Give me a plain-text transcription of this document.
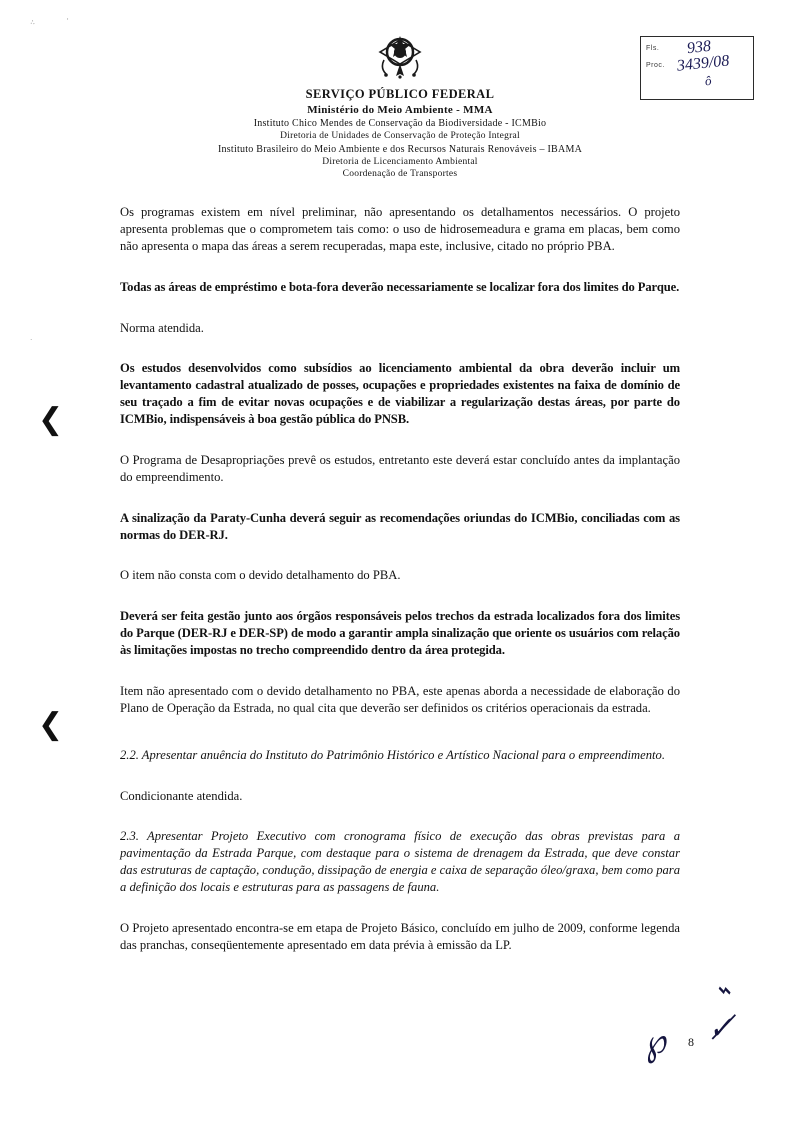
⁖	·
·
SERVIÇO PÚBLICO FEDERAL
Ministério do Meio Ambiente - MMA
Instituto Chico Mendes de Conservação da Biodiversidade - ICMBio
Diretoria de Unidades de Conservação de Proteção Integral
Instituto Brasileiro do Meio Ambiente e dos Recursos Naturais Renováveis – IBAMA
Diretoria de Licenciamento Ambiental
Coordenação de Transportes
Fls.
Proc.
938
3439/08
ô
❮
❮

Os programas existem em nível preliminar, não apresentando os detalhamentos necessários. O projeto apresenta problemas que o comprometem tais como: o uso de hidrosemeadura e grama em placas, bem como não apresenta o mapa das áreas a serem recuperadas, mapa este, inclusive, citado no próprio PBA.

Todas as áreas de empréstimo e bota-fora deverão necessariamente se localizar fora dos limites do Parque.

Norma atendida.

Os estudos desenvolvidos como subsídios ao licenciamento ambiental da obra deverão incluir um levantamento cadastral atualizado de posses, ocupações e propriedades existentes na faixa de domínio de seu traçado a fim de evitar novas ocupações e de viabilizar a regularização destas áreas, por parte do ICMBio, indispensáveis à boa gestão pública do PNSB.

O Programa de Desapropriações prevê os estudos, entretanto este deverá estar concluído antes da implantação do empreendimento.

A sinalização da Paraty-Cunha deverá seguir as recomendações oriundas do ICMBio, conciliadas com as normas do DER-RJ.

O item não consta com o devido detalhamento do PBA.

Deverá ser feita gestão junto aos órgãos responsáveis pelos trechos da estrada localizados fora dos limites do Parque (DER-RJ e DER-SP) de modo a garantir ampla sinalização que oriente os usuários com relação às limitações impostas no trecho compreendido dentro da área protegida.

Item não apresentado com o devido detalhamento no PBA, este apenas aborda a necessidade de elaboração do Plano de Operação da Estrada, no qual cita que deverão ser definidos os critérios operacionais da estrada.

2.2. Apresentar anuência do Instituto do Patrimônio Histórico e Artístico Nacional para o empreendimento.

Condicionante atendida.

2.3. Apresentar Projeto Executivo com cronograma físico de execução das obras previstas para a pavimentação da Estrada Parque, com destaque para o sistema de drenagem da Estrada, que deve constar das estruturas de captação, condução, dissipação de energia e caixa de separação óleo/graxa, bem como para a definição dos locais e estruturas para as passagens de fauna.

O Projeto apresentado encontra-se em etapa de Projeto Básico, concluído em julho de 2009, conforme legenda das pranchas, conseqüentemente apresentado em data prévia à emissão da LP.

⌁
✓̸
℘ 8
